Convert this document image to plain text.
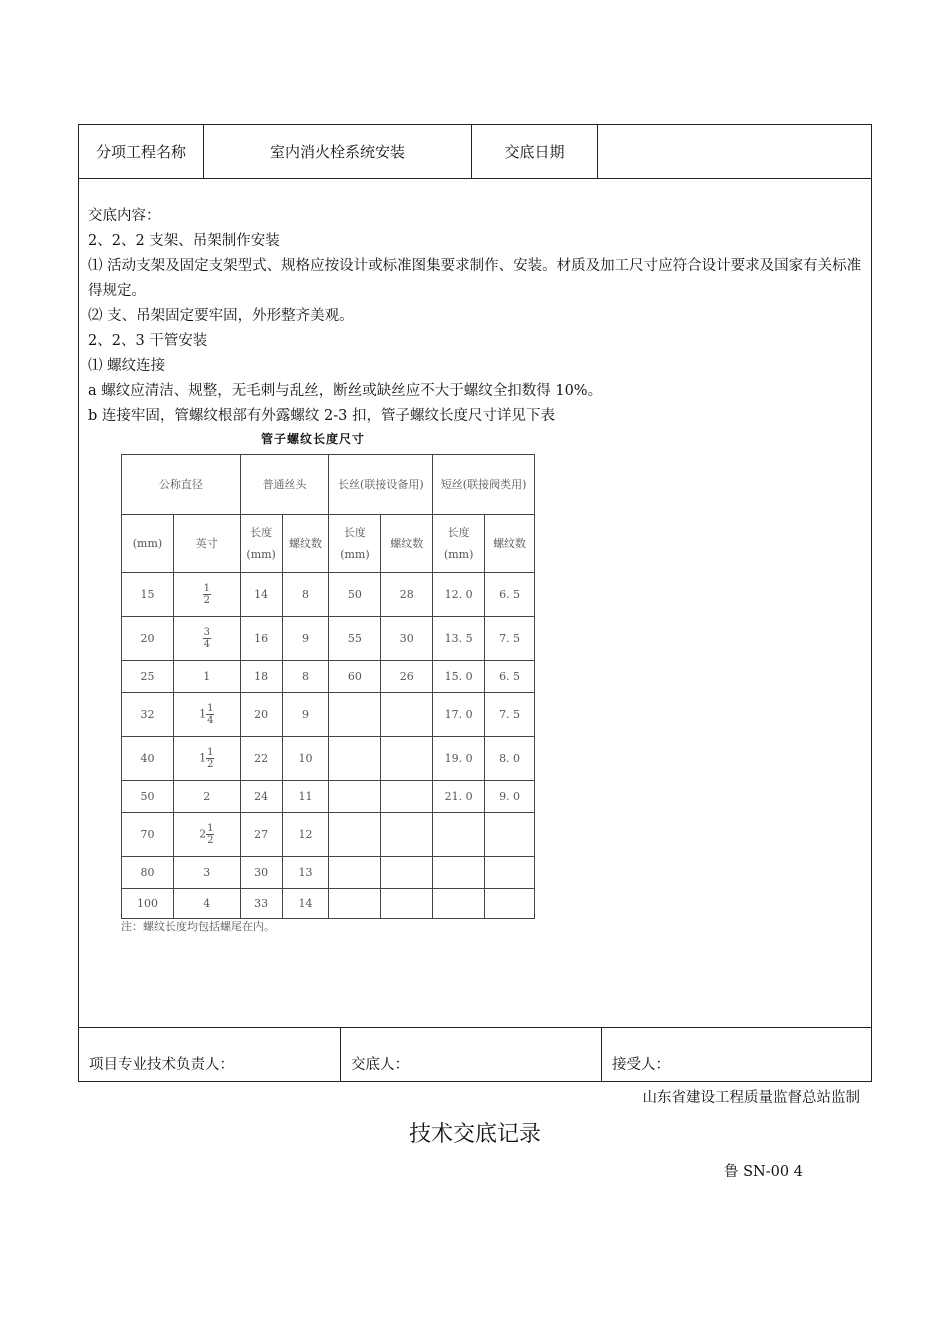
分项工程名称	室内消火栓系统安装	交底日期

交底内容：

2、2、2 支架、吊架制作安装

⑴ 活动支架及固定支架型式、规格应按设计或标准图集要求制作、安装。材质及加工尺寸应符合设计要求及国家有关标准得规定。

⑵ 支、吊架固定要牢固，外形整齐美观。

2、2、3 干管安装

⑴ 螺纹连接

a 螺纹应清洁、规整，无毛刺与乱丝，断丝或缺丝应不大于螺纹全扣数得 10%。

b 连接牢固，管螺纹根部有外露螺纹 2-3 扣，管子螺纹长度尺寸详见下表

管子螺纹长度尺寸
公称直径		普通丝头		长丝(联接设备用)		短丝(联接阀类用)	
(mm)	英寸	长度(mm)	螺纹数	长度(mm)	螺纹数	长度(mm)	螺纹数
15	$\frac{1}{2}$	14	8	50	28	12. 0	6. 5
20	$\frac{3}{4}$	16	9	55	30	13. 5	7. 5
25	1	18	8	60	26	15. 0	6. 5
32	$1 \frac{1}{4}$	20	9			17. 0	7. 5
40	$1 \frac{1}{2}$	22	10			19. 0	8. 0
50	2	24	11			21. 0	9. 0
70	$2 \frac{1}{2}$	27	12				
80	3	30	13				
100	4	33	14				
注：螺纹长度均包括螺尾在内。
项目专业技术负责人：	交底人：	接受人：
山东省建设工程质量监督总站监制
技术交底记录
鲁 SN-00 4
